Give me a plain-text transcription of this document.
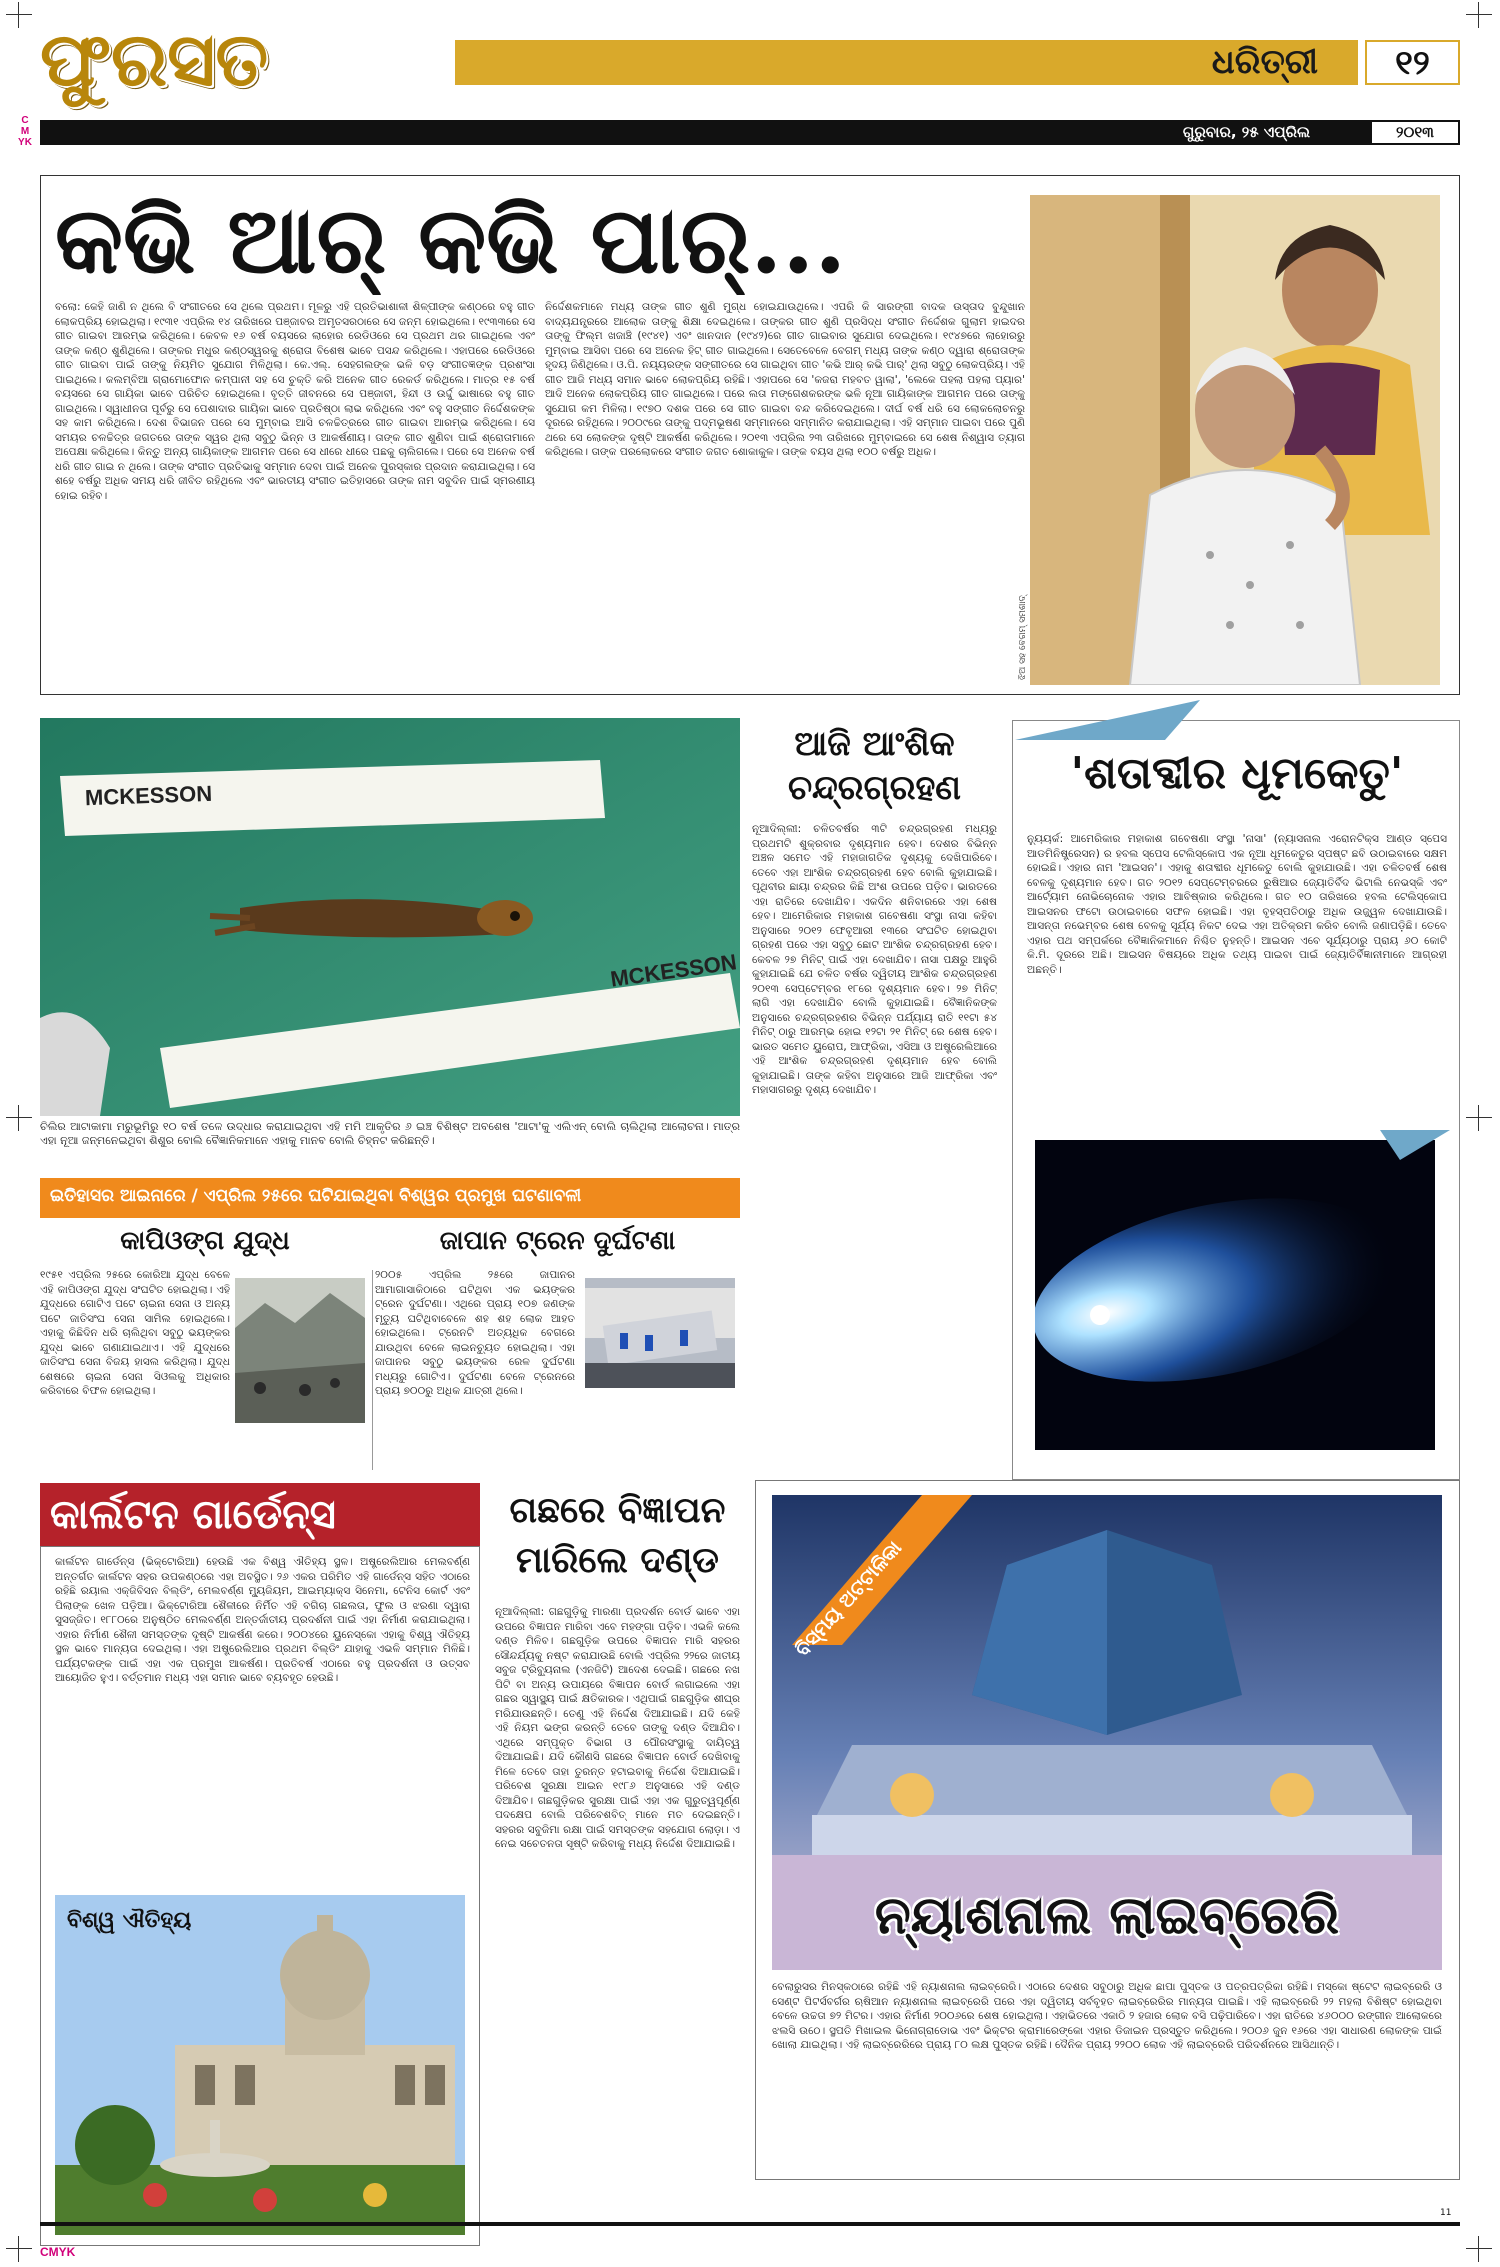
CMYK
ଫୁରସତ	ଧରିତ୍ରୀ	୧୨
ଗୁରୁବାର, ୨୫ ଏପ୍ରିଲ	୨୦୧୩
କଭି ଆର୍ କଭି ପାର୍...
ବଲୋ: କେହି ଜାଣି ନ ଥିଲେ ବି ସଂଗୀତରେ ସେ ଥିଲେ ପ୍ରଥମ। ମୂଳରୁ ଏହି ପ୍ରତିଭାଶାଳୀ ଶିଳ୍ପୀଙ୍କ କଣ୍ଠରେ ବହୁ ଗୀତ ଲୋକପ୍ରିୟ ହୋଇଥିଲା। ୧୯୩୧ ଏପ୍ରିଲ ୧୪ ତାରିଖରେ ପଞ୍ଜାବର ଅମୃତସରଠାରେ ସେ ଜନ୍ମ ହୋଇଥିଲେ। ୧୯୩୩ରେ ସେ ଗୀତ ଗାଇବା ଆରମ୍ଭ କରିଥିଲେ। କେବଳ ୧୬ ବର୍ଷ ବୟସରେ ଲାହୋର ରେଡିଓରେ ସେ ପ୍ରଥମ ଥର ଗାଇଥିଲେ ଏବଂ ତାଙ୍କ କଣ୍ଠ ଶୁଣିଥିଲେ। ତାଙ୍କର ମଧୁର କଣ୍ଠସ୍ୱରକୁ ଶ୍ରୋତା ବିଶେଷ ଭାବେ ପସନ୍ଦ କରିଥିଲେ। ଏହାପରେ ରେଡିଓରେ ଗୀତ ଗାଇବା ପାଇଁ ତାଙ୍କୁ ନିୟମିତ ସୁଯୋଗ ମିଳିଥିଲା। କେ.ଏଲ୍. ସେହଗଲଙ୍କ ଭଳି ବଡ଼ ସଂଗୀତଜ୍ଞଙ୍କ ପ୍ରଶଂସା ପାଇଥିଲେ। କଲମ୍ବିଆ ଗ୍ରାମୋଫୋନ କମ୍ପାନୀ ସହ ସେ ଚୁକ୍ତି କରି ଅନେକ ଗୀତ ରେକର୍ଡ କରିଥିଲେ। ମାତ୍ର ୧୫ ବର୍ଷ ବୟସରେ ସେ ଗାୟିକା ଭାବେ ପରିଚିତ ହୋଇଥିଲେ। ବୃତ୍ତି ଜୀବନରେ ସେ ପଞ୍ଜାବୀ, ହିନ୍ଦୀ ଓ ଉର୍ଦ୍ଦୁ ଭାଷାରେ ବହୁ ଗୀତ ଗାଇଥିଲେ। ସ୍ୱାଧୀନତା ପୂର୍ବରୁ ସେ ପେଶାଦାର ଗାୟିକା ଭାବେ ପ୍ରତିଷ୍ଠା ଲାଭ କରିଥିଲେ ଏବଂ ବହୁ ସଙ୍ଗୀତ ନିର୍ଦ୍ଦେଶକଙ୍କ ସହ କାମ କରିଥିଲେ। ଦେଶ ବିଭାଜନ ପରେ ସେ ମୁମ୍ବାଇ ଆସି ଚଳଚ୍ଚିତ୍ରରେ ଗୀତ ଗାଇବା ଆରମ୍ଭ କରିଥିଲେ। ସେ ସମୟର ଚଳଚ୍ଚିତ୍ର ଜଗତରେ ତାଙ୍କ ସ୍ୱର ଥିଲା ସବୁଠୁ ଭିନ୍ନ ଓ ଆକର୍ଷଣୀୟ। ତାଙ୍କ ଗୀତ ଶୁଣିବା ପାଇଁ ଶ୍ରୋତାମାନେ ଅପେକ୍ଷା କରିଥିଲେ। କିନ୍ତୁ ଅନ୍ୟ ଗାୟିକାଙ୍କ ଆଗମନ ପରେ ସେ ଧୀରେ ଧୀରେ ପଛକୁ ଚାଲିଗଲେ। ପରେ ସେ ଅନେକ ବର୍ଷ ଧରି ଗୀତ ଗାଇ ନ ଥିଲେ। ତାଙ୍କ ସଂଗୀତ ପ୍ରତିଭାକୁ ସମ୍ମାନ ଦେବା ପାଇଁ ଅନେକ ପୁରସ୍କାର ପ୍ରଦାନ କରାଯାଇଥିଲା। ସେ ଶହେ ବର୍ଷରୁ ଅଧିକ ସମୟ ଧରି ଜୀବିତ ରହିଥିଲେ ଏବଂ ଭାରତୀୟ ସଂଗୀତ ଇତିହାସରେ ତାଙ୍କ ନାମ ସବୁଦିନ ପାଇଁ ସ୍ମରଣୀୟ ହୋଇ ରହିବ।
ନିର୍ଦ୍ଦେଶକମାନେ ମଧ୍ୟ ତାଙ୍କ ଗୀତ ଶୁଣି ମୁଗ୍ଧ ହୋଇଯାଉଥିଲେ। ଏପରି କି ସାରଙ୍ଗୀ ବାଦକ ଉସ୍ତାଦ ବୁନ୍ଦୁଖାନ ବାଦ୍ୟଯନ୍ତ୍ରରେ ଆଲୋକ ତାଙ୍କୁ ଶିକ୍ଷା ଦେଇଥିଲେ। ତାଙ୍କର ଗୀତ ଶୁଣି ପ୍ରସିଦ୍ଧ ସଂଗୀତ ନିର୍ଦ୍ଦେଶକ ଗୁଲାମ ହାଇଦର ତାଙ୍କୁ ଫିଲ୍ମ ଖଜାଞ୍ଚି (୧୯୪୧) ଏବଂ ଖାନଦାନ (୧୯୪୨)ରେ ଗୀତ ଗାଇବାର ସୁଯୋଗ ଦେଇଥିଲେ। ୧୯୪୭ରେ ଲାହୋରରୁ ମୁମ୍ବାଇ ଆସିବା ପରେ ସେ ଅନେକ ହିଟ୍ ଗୀତ ଗାଇଥିଲେ। ସେତେବେଳେ ବେଗମ୍ ମଧ୍ୟ ତାଙ୍କ କଣ୍ଠ ଦ୍ୱାରା ଶ୍ରୋତାଙ୍କ ହୃଦୟ ଜିଣିଥିଲେ। ଓ.ପି. ନୟ୍ୟରଙ୍କ ସଙ୍ଗୀତରେ ସେ ଗାଇଥିବା ଗୀତ 'କଭି ଆର୍ କଭି ପାର୍' ଥିଲା ସବୁଠୁ ଲୋକପ୍ରିୟ। ଏହି ଗୀତ ଆଜି ମଧ୍ୟ ସମାନ ଭାବେ ଲୋକପ୍ରିୟ ରହିଛି। ଏହାପରେ ସେ 'କଜରା ମହବତ ୱାଲା', 'ଲେକେ ପହଲା ପହଲା ପ୍ୟାର' ଆଦି ଅନେକ ଲୋକପ୍ରିୟ ଗୀତ ଗାଇଥିଲେ। ପରେ ଲତା ମଙ୍ଗେଶକରଙ୍କ ଭଳି ନୂଆ ଗାୟିକାଙ୍କ ଆଗମନ ପରେ ତାଙ୍କୁ ସୁଯୋଗ କମ ମିଳିଲା। ୧୯୭୦ ଦଶକ ପରେ ସେ ଗୀତ ଗାଇବା ବନ୍ଦ କରିଦେଇଥିଲେ। ଦୀର୍ଘ ବର୍ଷ ଧରି ସେ ଲୋକଲୋଚନରୁ ଦୂରରେ ରହିଥିଲେ। ୨୦୦୯ରେ ତାଙ୍କୁ ପଦ୍ମଭୂଷଣ ସମ୍ମାନରେ ସମ୍ମାନିତ କରାଯାଇଥିଲା। ଏହି ସମ୍ମାନ ପାଇବା ପରେ ପୁଣି ଥରେ ସେ ଲୋକଙ୍କ ଦୃଷ୍ଟି ଆକର୍ଷଣ କରିଥିଲେ। ୨୦୧୩ ଏପ୍ରିଲ ୨୩ ତାରିଖରେ ମୁମ୍ବାଇରେ ସେ ଶେଷ ନିଶ୍ୱାସ ତ୍ୟାଗ କରିଥିଲେ। ତାଙ୍କ ପରଲୋକରେ ସଂଗୀତ ଜଗତ ଶୋକାକୁଳ। ତାଙ୍କ ବୟସ ଥିଲା ୧୦୦ ବର୍ଷରୁ ଅଧିକ।
ଝିଅ ସହ ବେଗମ୍ ସମଶାଦ୍
MCKESSON
MCKESSON
ଚିଲିର ଆଟାକାମା ମରୁଭୂମିରୁ ୧୦ ବର୍ଷ ତଳେ ଉଦ୍ଧାର କରାଯାଇଥିବା ଏହି ମମି ଆକୃତିର ୬ ଇଞ୍ଚ ବିଶିଷ୍ଟ ଅବଶେଷ 'ଆଟା'କୁ ଏଲିଏନ୍ ବୋଲି ଚାଲିଥିଲା ଆଲୋଚନା। ମାତ୍ର ଏହା ନୂଆ ଜନ୍ମନେଇଥିବା ଶିଶୁର ବୋଲି ବୈଜ୍ଞାନିକମାନେ ଏହାକୁ ମାନବ ବୋଲି ଚିହ୍ନଟ କରିଛନ୍ତି।
ଇତିହାସର ଆଇନାରେ / ଏପ୍ରିଲ ୨୫ରେ ଘଟିଯାଇଥିବା ବିଶ୍ୱର ପ୍ରମୁଖ ଘଟଣାବଳୀ
କାପିଓଙ୍ଗ ଯୁଦ୍ଧ
୧୯୫୧ ଏପ୍ରିଲ ୨୫ରେ କୋରିଆ ଯୁଦ୍ଧ ବେଳେ ଏହି କାପିଓଙ୍ଗ ଯୁଦ୍ଧ ସଂଘଟିତ ହୋଇଥିଲା। ଏହି ଯୁଦ୍ଧରେ ଗୋଟିଏ ପଟେ ଚାଇନା ସେନା ଓ ଅନ୍ୟ ପଟେ ଜାତିସଂଘ ସେନା ସାମିଲ ହୋଇଥିଲେ। ଏହାକୁ କିଛିଦିନ ଧରି ଚାଲିଥିବା ସବୁଠୁ ଭୟଙ୍କର ଯୁଦ୍ଧ ଭାବେ ଗଣାଯାଇଥାଏ। ଏହି ଯୁଦ୍ଧରେ ଜାତିସଂଘ ସେନା ବିଜୟ ହାସଲ କରିଥିଲା। ଯୁଦ୍ଧ ଶେଷରେ ଚାଇନା ସେନା ସିଓଲକୁ ଅଧିକାର କରିବାରେ ବିଫଳ ହୋଇଥିଲା।
ଜାପାନ ଟ୍ରେନ ଦୁର୍ଘଟଣା
୨୦୦୫ ଏପ୍ରିଲ ୨୫ରେ ଜାପାନର ଆମାଗାସାକିଠାରେ ଘଟିଥିବା ଏକ ଭୟଙ୍କର ଟ୍ରେନ ଦୁର୍ଘଟଣା। ଏଥିରେ ପ୍ରାୟ ୧୦୭ ଜଣଙ୍କ ମୃତ୍ୟୁ ଘଟିଥିବାବେଳେ ଶହ ଶହ ଲୋକ ଆହତ ହୋଇଥିଲେ। ଟ୍ରେନଟି ଅତ୍ୟଧିକ ବେଗରେ ଯାଉଥିବା ବେଳେ ଲାଇନଚ୍ୟୁତ ହୋଇଥିଲା। ଏହା ଜାପାନର ସବୁଠୁ ଭୟଙ୍କର ରେଳ ଦୁର୍ଘଟଣା ମଧ୍ୟରୁ ଗୋଟିଏ। ଦୁର୍ଘଟଣା ବେଳେ ଟ୍ରେନରେ ପ୍ରାୟ ୭୦୦ରୁ ଅଧିକ ଯାତ୍ରୀ ଥିଲେ।
ଆଜି ଆଂଶିକ
ଚନ୍ଦ୍ରଗ୍ରହଣ
ନୂଆଦିଲ୍ଲୀ: ଚଳିତବର୍ଷର ୩ଟି ଚନ୍ଦ୍ରଗ୍ରହଣ ମଧ୍ୟରୁ ପ୍ରଥମଟି ଶୁକ୍ରବାର ଦୃଶ୍ୟମାନ ହେବ। ଦେଶର ବିଭିନ୍ନ ଅଞ୍ଚଳ ସମେତ ଏହି ମହାଜାଗତିକ ଦୃଶ୍ୟକୁ ଦେଖିପାରିବେ। ତେବେ ଏହା ଆଂଶିକ ଚନ୍ଦ୍ରଗ୍ରହଣ ହେବ ବୋଲି କୁହାଯାଇଛି। ପୃଥିବୀର ଛାୟା ଚନ୍ଦ୍ରର କିଛି ଅଂଶ ଉପରେ ପଡ଼ିବ। ଭାରତରେ ଏହା ରାତିରେ ଦେଖାଯିବ। ଏକଦିନ ଶନିବାରରେ ଏହା ଶେଷ ହେବ। ଆମେରିକାର ମହାକାଶ ଗବେଷଣା ସଂସ୍ଥା ନାସା କହିବା ଅନୁସାରେ ୨୦୧୨ ଫେବୃଆରୀ ୧୩ରେ ସଂଘଟିତ ହୋଇଥିବା ଗ୍ରହଣ ପରେ ଏହା ସବୁଠୁ ଛୋଟ ଆଂଶିକ ଚନ୍ଦ୍ରଗ୍ରହଣ ହେବ। କେବଳ ୨୭ ମିନିଟ୍ ପାଇଁ ଏହା ଦେଖାଯିବ। ନାସା ପକ୍ଷରୁ ଆହୁରି କୁହାଯାଇଛି ଯେ ଚଳିତ ବର୍ଷର ଦ୍ୱିତୀୟ ଆଂଶିକ ଚନ୍ଦ୍ରଗ୍ରହଣ ୨୦୧୩ ସେପ୍ଟେମ୍ବର ୧୮ରେ ଦୃଶ୍ୟମାନ ହେବ। ୨୭ ମିନିଟ୍ ଲାଗି ଏହା ଦେଖାଯିବ ବୋଲି କୁହାଯାଇଛି। ବୈଜ୍ଞାନିକଙ୍କ ଅନୁସାରେ ଚନ୍ଦ୍ରଗ୍ରହଣର ବିଭିନ୍ନ ପର୍ଯ୍ୟାୟ ରାତି ୧୧ଟା ୫୪ ମିନିଟ୍ ଠାରୁ ଆରମ୍ଭ ହୋଇ ୧୨ଟା ୨୧ ମିନିଟ୍ ରେ ଶେଷ ହେବ। ଭାରତ ସମେତ ୟୁରୋପ, ଆଫ୍ରିକା, ଏସିଆ ଓ ଅଷ୍ଟ୍ରେଲିଆରେ ଏହି ଆଂଶିକ ଚନ୍ଦ୍ରଗ୍ରହଣ ଦୃଶ୍ୟମାନ ହେବ ବୋଲି କୁହାଯାଇଛି। ତାଙ୍କ କହିବା ଅନୁସାରେ ଆଜି ଆଫ୍ରିକା ଏବଂ ମହାସାଗରରୁ ଦୃଶ୍ୟ ଦେଖାଯିବ।
'ଶତାବ୍ଦୀର ଧୂମକେତୁ'
ନ୍ୟୁୟର୍କ: ଆମେରିକାର ମହାକାଶ ଗବେଷଣା ସଂସ୍ଥା 'ନାସା' (ନ୍ୟାସନାଲ ଏରୋନଟିକ୍ସ ଆଣ୍ଡ ସ୍ପେସ ଆଡମିନିଷ୍ଟ୍ରେସନ) ର ହବଲ ସ୍ପେସ ଟେଲିସ୍କୋପ ଏକ ନୂଆ ଧୂମକେତୁର ସ୍ପଷ୍ଟ ଛବି ଉଠାଇବାରେ ସକ୍ଷମ ହୋଇଛି। ଏହାର ନାମ 'ଆଇସନ'। ଏହାକୁ ଶତାବ୍ଦୀର ଧୂମକେତୁ ବୋଲି କୁହାଯାଉଛି। ଏହା ଚଳିତବର୍ଷ ଶେଷ ବେଳକୁ ଦୃଶ୍ୟମାନ ହେବ। ଗତ ୨୦୧୨ ସେପ୍ଟେମ୍ବରରେ ରୁଷିଆର ଜ୍ୟୋତିର୍ବିଦ ଭିଟାଲି ନେଭସ୍କି ଏବଂ ଆର୍ଟ୍ୟୋମ ନୋଭିଚୋନୋକ ଏହାର ଆବିଷ୍କାର କରିଥିଲେ। ଗତ ୧୦ ତାରିଖରେ ହବଲ ଟେଲିସ୍କୋପ ଆଇସନର ଫଟୋ ଉଠାଇବାରେ ସଫଳ ହୋଇଛି। ଏହା ବୃହସ୍ପତିଠାରୁ ଅଧିକ ଉଜ୍ଜ୍ୱଳ ଦେଖାଯାଉଛି। ଆସନ୍ତା ନଭେମ୍ବର ଶେଷ ବେଳକୁ ସୂର୍ଯ୍ୟ ନିକଟ ଦେଇ ଏହା ଅତିକ୍ରମ କରିବ ବୋଲି ଜଣାପଡ଼ିଛି। ତେବେ ଏହାର ପଥ ସମ୍ପର୍କରେ ବୈଜ୍ଞାନିକମାନେ ନିଶ୍ଚିତ ନୁହନ୍ତି। ଆଇସନ ଏବେ ସୂର୍ଯ୍ୟଠାରୁ ପ୍ରାୟ ୬୦ କୋଟି କି.ମି. ଦୂରରେ ଅଛି। ଆଇସନ ବିଷୟରେ ଅଧିକ ତଥ୍ୟ ପାଇବା ପାଇଁ ଜ୍ୟୋତିର୍ବିଜ୍ଞାନୀମାନେ ଆଗ୍ରହୀ ଅଛନ୍ତି।
କାର୍ଲଟନ ଗାର୍ଡେନ୍ସ
କାର୍ଲଟନ ଗାର୍ଡେନ୍ସ (ଭିକ୍ଟୋରିଆ) ହେଉଛି ଏକ ବିଶ୍ୱ ଐତିହ୍ୟ ସ୍ଥଳ। ଅଷ୍ଟ୍ରେଲିଆର ମେଲବର୍ଣ୍ଣ ଅନ୍ତର୍ଗତ କାର୍ଲଟନ ସହର ଉପକଣ୍ଠରେ ଏହା ଅବସ୍ଥିତ। ୨୬ ଏକର ପରିମିତ ଏହି ଗାର୍ଡେନ୍ସ ସହିତ ଏଠାରେ ରହିଛି ରୟାଲ ଏକ୍ଜିବିସନ ବିଲ୍ଡିଂ, ମେଲବର୍ଣ୍ଣ ମ୍ୟୁଜିୟମ, ଆଇମ୍ୟାକ୍ସ ସିନେମା, ଟେନିସ କୋର୍ଟ ଏବଂ ପିଲାଙ୍କ ଖେଳ ପଡ଼ିଆ। ଭିକ୍ଟୋରିଆ ଶୈଳୀରେ ନିର୍ମିତ ଏହି ବଗିଚା ଗଛଲତା, ଫୁଲ ଓ ଝରଣା ଦ୍ୱାରା ସୁସଜ୍ଜିତ। ୧୮୮୦ରେ ଅନୁଷ୍ଠିତ ମେଲବର୍ଣ୍ଣ ଅନ୍ତର୍ଜାତୀୟ ପ୍ରଦର୍ଶନୀ ପାଇଁ ଏହା ନିର୍ମାଣ କରାଯାଇଥିଲା। ଏହାର ନିର୍ମାଣ ଶୈଳୀ ସମସ୍ତଙ୍କ ଦୃଷ୍ଟି ଆକର୍ଷଣ କରେ। ୨୦୦୪ରେ ୟୁନେସ୍କୋ ଏହାକୁ ବିଶ୍ୱ ଐତିହ୍ୟ ସ୍ଥଳ ଭାବେ ମାନ୍ୟତା ଦେଇଥିଲା। ଏହା ଅଷ୍ଟ୍ରେଲିଆର ପ୍ରଥମ ବିଲ୍ଡିଂ ଯାହାକୁ ଏଭଳି ସମ୍ମାନ ମିଳିଛି। ପର୍ଯ୍ୟଟକଙ୍କ ପାଇଁ ଏହା ଏକ ପ୍ରମୁଖ ଆକର୍ଷଣ। ପ୍ରତିବର୍ଷ ଏଠାରେ ବହୁ ପ୍ରଦର୍ଶନୀ ଓ ଉତ୍ସବ ଆୟୋଜିତ ହୁଏ। ବର୍ତ୍ତମାନ ମଧ୍ୟ ଏହା ସମାନ ଭାବେ ବ୍ୟବହୃତ ହେଉଛି।
ବିଶ୍ୱ ଐତିହ୍ୟ
ଗଛରେ ବିଜ୍ଞାପନ
ମାରିଲେ ଦଣ୍ଡ
ନୂଆଦିଲ୍ଲୀ: ଗଛଗୁଡ଼ିକୁ ମାରଣା ପ୍ରଦର୍ଶନ ବୋର୍ଡ ଭାବେ ଏହା ଉପରେ ବିଜ୍ଞାପନ ମାରିବା ଏବେ ମହଙ୍ଗା ପଡ଼ିବ। ଏଭଳି କଲେ ଦଣ୍ଡ ମିଳିବ। ଗଛଗୁଡ଼ିକ ଉପରେ ବିଜ୍ଞାପନ ମାରି ସହରର ସୌନ୍ଦର୍ଯ୍ୟକୁ ନଷ୍ଟ କରାଯାଉଛି ବୋଲି ଏପ୍ରିଲ ୨୨ରେ ଜାତୀୟ ସବୁଜ ଟ୍ରିବ୍ୟୁନାଲ (ଏନଜିଟି) ଆଦେଶ ଦେଇଛି। ଗଛରେ ନଖ ପିଟି ବା ଅନ୍ୟ ଉପାୟରେ ବିଜ୍ଞାପନ ବୋର୍ଡ ଲଗାଇଲେ ଏହା ଗଛର ସ୍ୱାସ୍ଥ୍ୟ ପାଇଁ କ୍ଷତିକାରକ। ଏଥିପାଇଁ ଗଛଗୁଡ଼ିକ ଶୀଘ୍ର ମରିଯାଉଛନ୍ତି। ତେଣୁ ଏହି ନିର୍ଦ୍ଦେଶ ଦିଆଯାଇଛି। ଯଦି କେହି ଏହି ନିୟମ ଭଙ୍ଗ କରନ୍ତି ତେବେ ତାଙ୍କୁ ଦଣ୍ଡ ଦିଆଯିବ। ଏଥିରେ ସମ୍ପୃକ୍ତ ବିଭାଗ ଓ ପୌରସଂସ୍ଥାକୁ ଦାୟିତ୍ୱ ଦିଆଯାଇଛି। ଯଦି କୌଣସି ଗଛରେ ବିଜ୍ଞାପନ ବୋର୍ଡ ଦେଖିବାକୁ ମିଳେ ତେବେ ତାହା ତୁରନ୍ତ ହଟାଇବାକୁ ନିର୍ଦ୍ଦେଶ ଦିଆଯାଇଛି। ପରିବେଶ ସୁରକ୍ଷା ଆଇନ ୧୯୮୬ ଅନୁସାରେ ଏହି ଦଣ୍ଡ ଦିଆଯିବ। ଗଛଗୁଡ଼ିକର ସୁରକ୍ଷା ପାଇଁ ଏହା ଏକ ଗୁରୁତ୍ୱପୂର୍ଣ୍ଣ ପଦକ୍ଷେପ ବୋଲି ପରିବେଶବିତ୍ ମାନେ ମତ ଦେଇଛନ୍ତି। ସହରର ସବୁଜିମା ରକ୍ଷା ପାଇଁ ସମସ୍ତଙ୍କ ସହଯୋଗ ଲୋଡ଼ା। ଏ ନେଇ ସଚେତନତା ସୃଷ୍ଟି କରିବାକୁ ମଧ୍ୟ ନିର୍ଦ୍ଦେଶ ଦିଆଯାଇଛି।
ବିସ୍ମୟ ଅଟ୍ଟାଳିକା
ନ୍ୟାଶନାଲ ଲାଇବ୍ରେରି
ବେଲାରୁସର ମିନସ୍କଠାରେ ରହିଛି ଏହି ନ୍ୟାଶନାଲ ଲାଇବ୍ରେରି। ଏଠାରେ ଦେଶର ସବୁଠାରୁ ଅଧିକ ଛାପା ପୁସ୍ତକ ଓ ପତ୍ରପତ୍ରିକା ରହିଛି। ମସ୍କୋ ଷ୍ଟେଟ ଲାଇବ୍ରେରି ଓ ସେଣ୍ଟ ପିଟର୍ସବର୍ଗର ଋଷିଆନ ନ୍ୟାଶନାଲ ଲାଇବ୍ରେରି ପରେ ଏହା ଦ୍ୱିତୀୟ ସର୍ବବୃହତ ଲାଇବ୍ରେରିର ମାନ୍ୟତା ପାଇଛି। ଏହି ଲାଇବ୍ରେରି ୨୨ ମହଲା ବିଶିଷ୍ଟ ହୋଇଥିବା ବେଳେ ଉଚ୍ଚତା ୭୨ ମିଟର। ଏହାର ନିର୍ମାଣ ୨୦୦୬ରେ ଶେଷ ହୋଇଥିଲା। ଏହାଭିତରେ ଏକାଠି ୨ ହଜାର ଲୋକ ବସି ପଢ଼ିପାରିବେ। ଏହା ରାତିରେ ୪୬୦୦୦ ରଙ୍ଗୀନ ଆଲୋକରେ ଝଲସି ଉଠେ। ସ୍ଥପତି ମିଖାଇଲ ଭିନୋଗ୍ରାଡୋଭ ଏବଂ ଭିକ୍ଟର କ୍ରାମାରେଙ୍କୋ ଏହାର ଡିଜାଇନ ପ୍ରସ୍ତୁତ କରିଥିଲେ। ୨୦୦୬ ଜୁନ ୧୬ରେ ଏହା ସାଧାରଣ ଲୋକଙ୍କ ପାଇଁ ଖୋଲା ଯାଇଥିଲା। ଏହି ଲାଇବ୍ରେରିରେ ପ୍ରାୟ ୮୦ ଲକ୍ଷ ପୁସ୍ତକ ରହିଛି। ଦୈନିକ ପ୍ରାୟ ୨୨୦୦ ଲୋକ ଏହି ଲାଇବ୍ରେରି ପରିଦର୍ଶନରେ ଆସିଥାନ୍ତି।
11
CMYK
